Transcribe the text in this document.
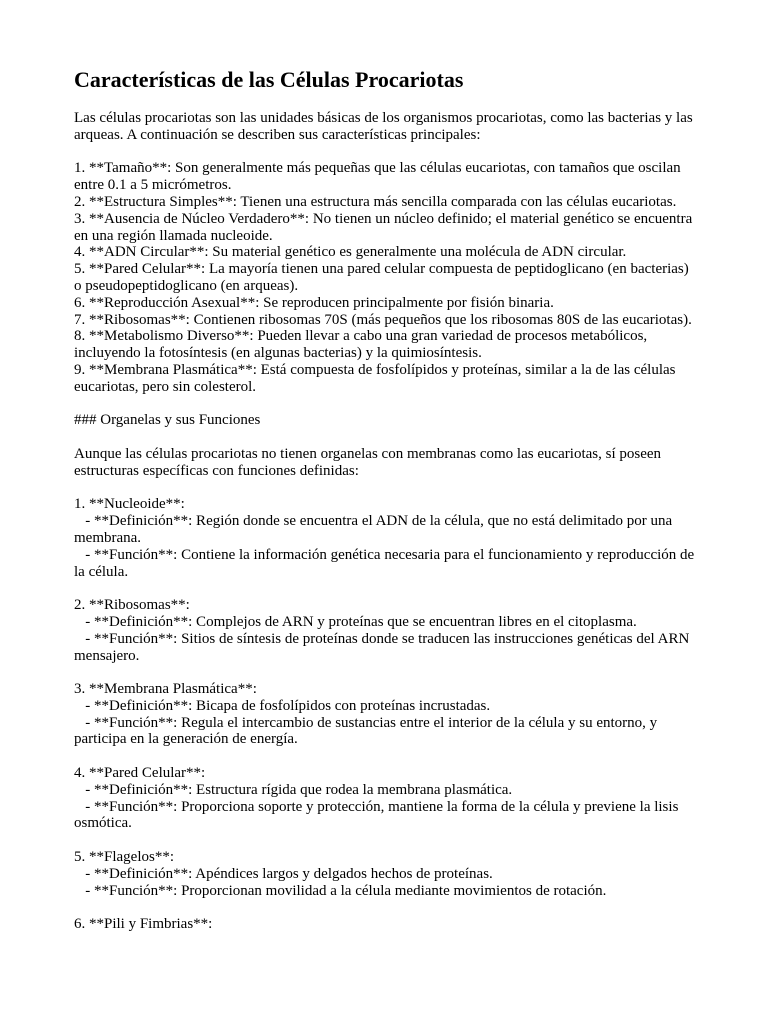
Características de las Células Procariotas

Las células procariotas son las unidades básicas de los organismos procariotas, como las bacterias y las arqueas. A continuación se describen sus características principales:

1. **Tamaño**: Son generalmente más pequeñas que las células eucariotas, con tamaños que oscilan entre 0.1 a 5 micrómetros.

2. **Estructura Simples**: Tienen una estructura más sencilla comparada con las células eucariotas.

3. **Ausencia de Núcleo Verdadero**: No tienen un núcleo definido; el material genético se encuentra en una región llamada nucleoide.

4. **ADN Circular**: Su material genético es generalmente una molécula de ADN circular.

5. **Pared Celular**: La mayoría tienen una pared celular compuesta de peptidoglicano (en bacterias) o pseudopeptidoglicano (en arqueas).

6. **Reproducción Asexual**: Se reproducen principalmente por fisión binaria.

7. **Ribosomas**: Contienen ribosomas 70S (más pequeños que los ribosomas 80S de las eucariotas).

8. **Metabolismo Diverso**: Pueden llevar a cabo una gran variedad de procesos metabólicos, incluyendo la fotosíntesis (en algunas bacterias) y la quimiosíntesis.

9. **Membrana Plasmática**: Está compuesta de fosfolípidos y proteínas, similar a la de las células eucariotas, pero sin colesterol.

### Organelas y sus Funciones

Aunque las células procariotas no tienen organelas con membranas como las eucariotas, sí poseen estructuras específicas con funciones definidas:

1. **Nucleoide**:

- **Definición**: Región donde se encuentra el ADN de la célula, que no está delimitado por una membrana.

- **Función**: Contiene la información genética necesaria para el funcionamiento y reproducción de la célula.

2. **Ribosomas**:

- **Definición**: Complejos de ARN y proteínas que se encuentran libres en el citoplasma.

- **Función**: Sitios de síntesis de proteínas donde se traducen las instrucciones genéticas del ARN mensajero.

3. **Membrana Plasmática**:

- **Definición**: Bicapa de fosfolípidos con proteínas incrustadas.

- **Función**: Regula el intercambio de sustancias entre el interior de la célula y su entorno, y participa en la generación de energía.

4. **Pared Celular**:

- **Definición**: Estructura rígida que rodea la membrana plasmática.

- **Función**: Proporciona soporte y protección, mantiene la forma de la célula y previene la lisis osmótica.

5. **Flagelos**:

- **Definición**: Apéndices largos y delgados hechos de proteínas.

- **Función**: Proporcionan movilidad a la célula mediante movimientos de rotación.

6. **Pili y Fimbrias**:
